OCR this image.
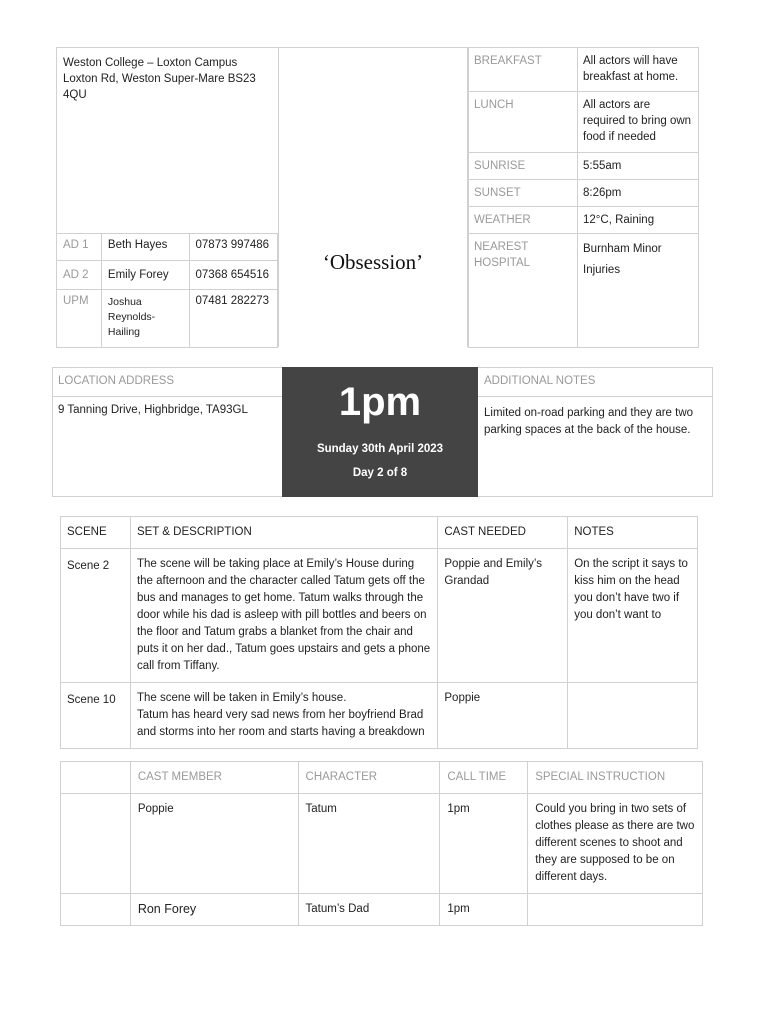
Weston College – Loxton Campus
Loxton Rd, Weston Super-Mare BS23
4QU
‘Obsession’
AD 1	Beth Hayes	07873 997486
AD 2	Emily Forey	07368 654516
UPM	Joshua Reynolds-Hailing	07481 282273
BREAKFAST	All actors will have breakfast at home.
LUNCH	All actors are required to bring own food if needed
SUNRISE	5:55am
SUNSET	8:26pm
WEATHER	12°C, Raining
NEAREST HOSPITAL	Burnham Minor Injuries
LOCATION ADDRESS
9 Tanning Drive, Highbridge, TA93GL	1pm
Sunday 30th April 2023
Day 2 of 8
ADDITIONAL NOTES
Limited on-road parking and they are two parking spaces at the back of the house.
SCENE	SET & DESCRIPTION	CAST NEEDED	NOTES
Scene 2	The scene will be taking place at Emily’s House during the afternoon and the character called Tatum gets off the bus and manages to get home. Tatum walks through the door while his dad is asleep with pill bottles and beers on the floor and Tatum grabs a blanket from the chair and puts it on her dad., Tatum goes upstairs and gets a phone call from Tiffany.	Poppie and Emily’s Grandad	On the script it says to kiss him on the head you don’t have two if you don’t want to
Scene 10	The scene will be taken in Emily’s house.
Tatum has heard very sad news from her boyfriend Brad and storms into her room and starts having a breakdown	Poppie	
	CAST MEMBER	CHARACTER	CALL TIME	SPECIAL INSTRUCTION
	Poppie	Tatum	1pm	Could you bring in two sets of clothes please as there are two different scenes to shoot and they are supposed to be on different days.
	Ron Forey	Tatum’s Dad	1pm	
